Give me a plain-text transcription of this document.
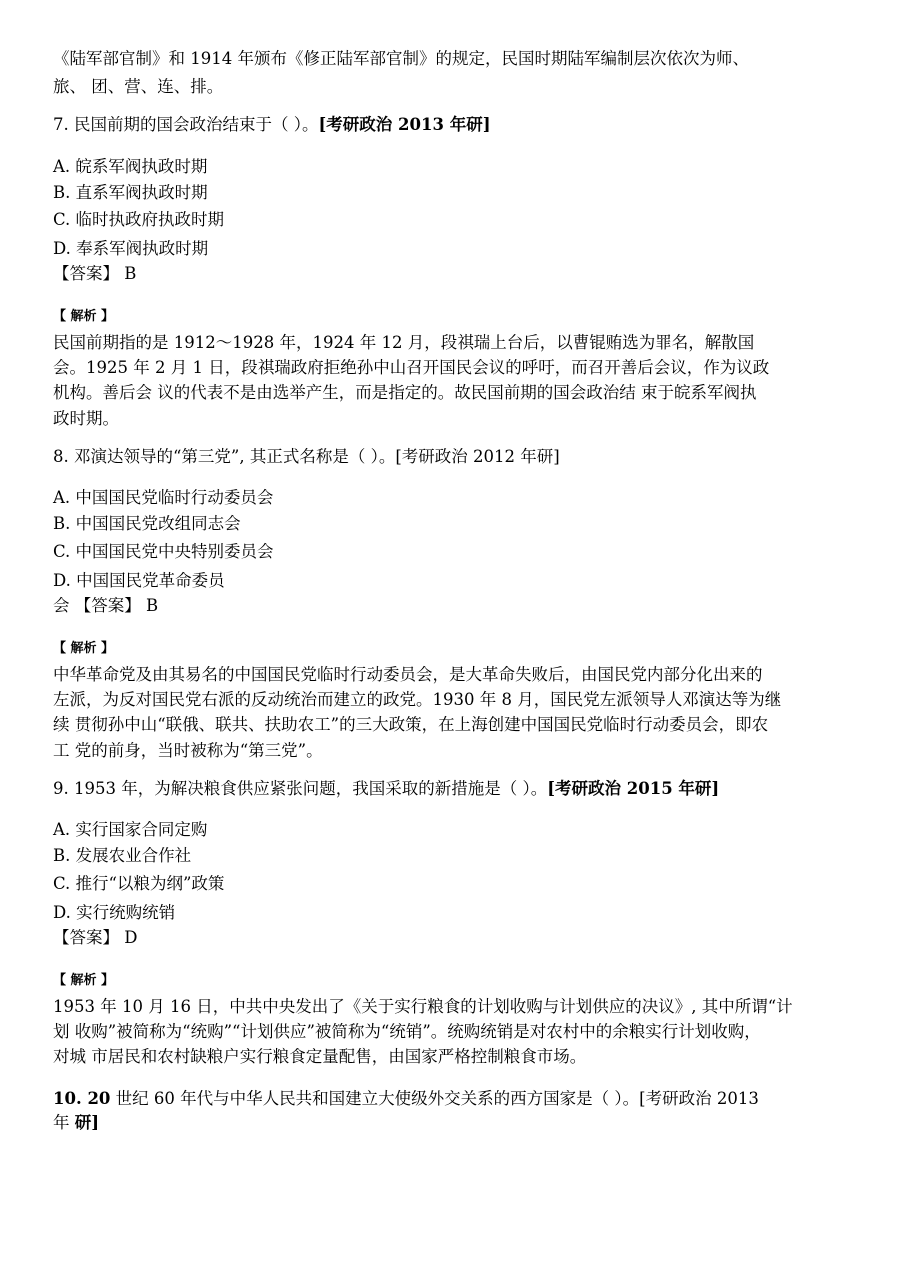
《陆军部官制》和 1914 年颁布《修正陆军部官制》的规定，民国时期陆军编制层次依次为师、
旅、 团、营、连、排。
7. 民国前期的国会政治结束于（ ）。[考研政治 2013 年研]
A. 皖系军阀执政时期
B. 直系军阀执政时期
C. 临时执政府执政时期
D. 奉系军阀执政时期
【答案】 B
【 解析 】
民国前期指的是 1912～1928 年，1924 年 12 月，段祺瑞上台后，以曹锟贿选为罪名，解散国
会。1925 年 2 月 1 日，段祺瑞政府拒绝孙中山召开国民会议的呼吁，而召开善后会议，作为议政
机构。善后会 议的代表不是由选举产生，而是指定的。故民国前期的国会政治结 束于皖系军阀执
政时期。
8. 邓演达领导的“第三党”, 其正式名称是（ ）。[考研政治 2012 年研]
A. 中国国民党临时行动委员会
B. 中国国民党改组同志会
C. 中国国民党中央特别委员会
D. 中国国民党革命委员
会 【答案】 B
【 解析 】
中华革命党及由其易名的中国国民党临时行动委员会，是大革命失败后，由国民党内部分化出来的
左派，为反对国民党右派的反动统治而建立的政党。1930 年 8 月，国民党左派领导人邓演达等为继
续 贯彻孙中山“联俄、联共、扶助农工”的三大政策，在上海创建中国国民党临时行动委员会，即农
工 党的前身，当时被称为“第三党”。
9. 1953 年，为解决粮食供应紧张问题，我国采取的新措施是（ ）。[考研政治 2015 年研]
A. 实行国家合同定购
B. 发展农业合作社
C. 推行“以粮为纲”政策
D. 实行统购统销
【答案】 D
【 解析 】
1953 年 10 月 16 日，中共中央发出了《关于实行粮食的计划收购与计划供应的决议》, 其中所谓“计
划 收购”被简称为“统购”“计划供应”被简称为“统销”。统购统销是对农村中的余粮实行计划收购，
对城 市居民和农村缺粮户实行粮食定量配售，由国家严格控制粮食市场。
10. 20 世纪 60 年代与中华人民共和国建立大使级外交关系的西方国家是（ ）。[考研政治 2013
年 研]
